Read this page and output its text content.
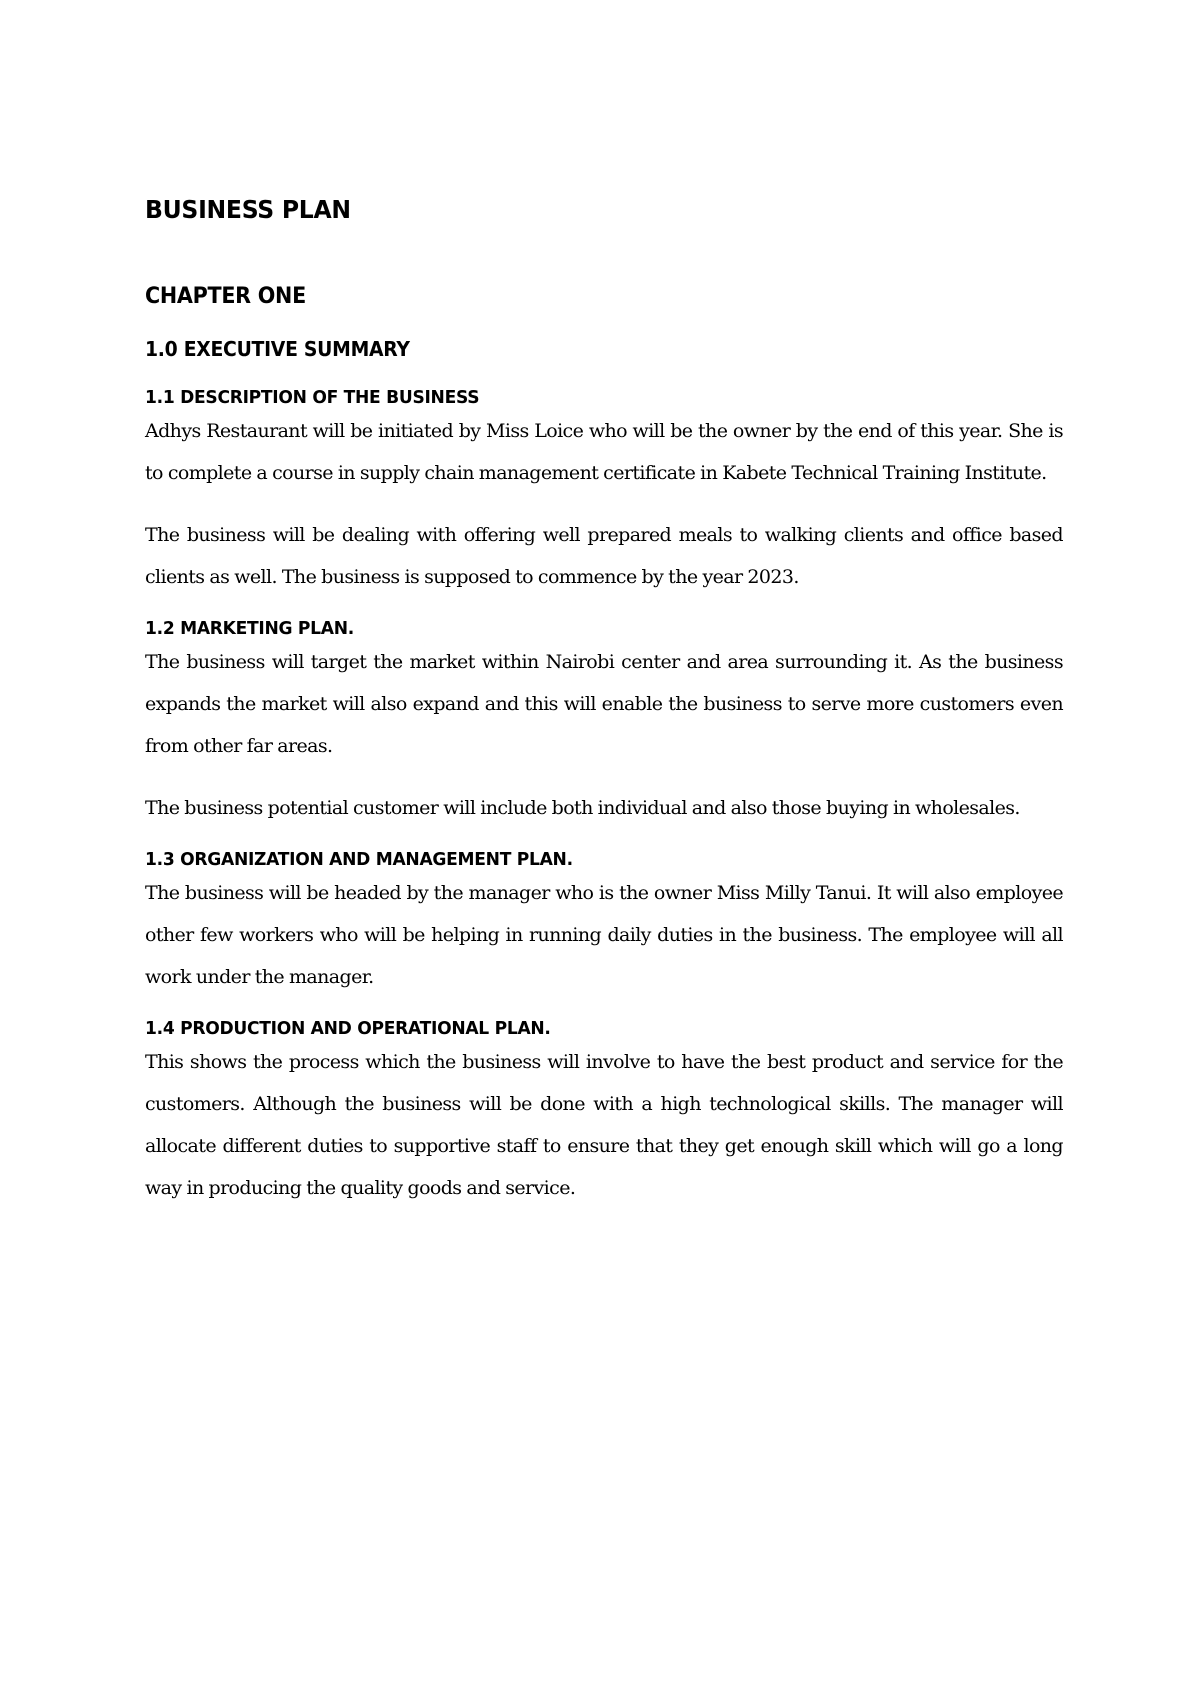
BUSINESS PLAN
CHAPTER ONE
1.0 EXECUTIVE SUMMARY
1.1 DESCRIPTION OF THE BUSINESS

Adhys Restaurant will be initiated by Miss Loice who will be the owner by the end of this year. She is to complete a course in supply chain management certificate in Kabete Technical Training Institute.

The business will be dealing with offering well prepared meals to walking clients and office based clients as well. The business is supposed to commence by the year 2023.

1.2 MARKETING PLAN.

The business will target the market within Nairobi center and area surrounding it. As the business expands the market will also expand and this will enable the business to serve more customers even from other far areas.

The business potential customer will include both individual and also those buying in wholesales.

1.3 ORGANIZATION AND MANAGEMENT PLAN.

The business will be headed by the manager who is the owner Miss Milly Tanui. It will also employee other few workers who will be helping in running daily duties in the business. The employee will all work under the manager.

1.4 PRODUCTION AND OPERATIONAL PLAN.

This shows the process which the business will involve to have the best product and service for the customers. Although the business will be done with a high technological skills. The manager will allocate different duties to supportive staff to ensure that they get enough skill which will go a long way in producing the quality goods and service.
